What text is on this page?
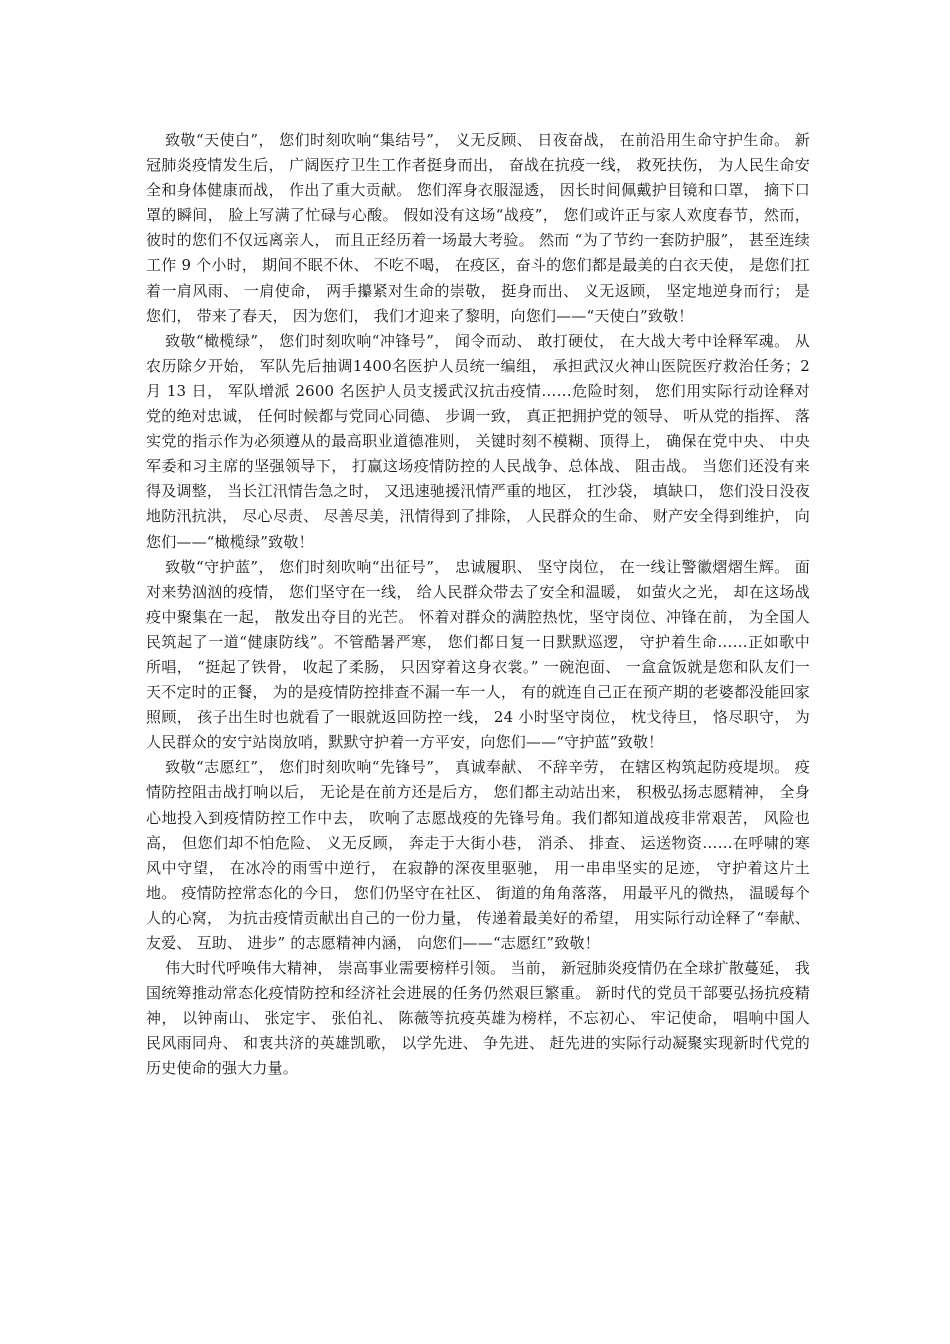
致敬“天使白”， 您们时刻吹响“集结号”， 义无反顾、 日夜奋战， 在前沿用生命守护生命。 新冠肺炎疫情发生后， 广阔医疗卫生工作者挺身而出， 奋战在抗疫一线， 救死扶伤， 为人民生命安全和身体健康而战， 作出了重大贡献。 您们浑身衣服湿透， 因长时间佩戴护目镜和口罩， 摘下口罩的瞬间， 脸上写满了忙碌与心酸。 假如没有这场“战疫”， 您们或许正与家人欢度春节，然而， 彼时的您们不仅远离亲人， 而且正经历着一场最大考验。 然而 “为了节约一套防护服”， 甚至连续工作 9 个小时， 期间不眠不休、 不吃不喝， 在疫区，奋斗的您们都是最美的白衣天使， 是您们扛着一肩风雨、 一肩使命， 两手攥紧对生命的崇敬， 挺身而出、 义无返顾， 坚定地逆身而行； 是您们， 带来了春天， 因为您们， 我们才迎来了黎明，向您们——“天使白”致敬！

致敬“橄榄绿”， 您们时刻吹响“冲锋号”， 闻令而动、 敢打硬仗， 在大战大考中诠释军魂。 从农历除夕开始， 军队先后抽调1400名医护人员统一编组， 承担武汉火神山医院医疗救治任务；2 月 13 日， 军队增派 2600 名医护人员支援武汉抗击疫情……危险时刻， 您们用实际行动诠释对党的绝对忠诚， 任何时候都与党同心同德、 步调一致， 真正把拥护党的领导、 听从党的指挥、 落实党的指示作为必须遵从的最高职业道德准则， 关键时刻不模糊、顶得上， 确保在党中央、 中央军委和习主席的坚强领导下， 打赢这场疫情防控的人民战争、总体战、 阻击战。 当您们还没有来得及调整， 当长江汛情告急之时， 又迅速驰援汛情严重的地区， 扛沙袋， 填缺口， 您们没日没夜地防汛抗洪， 尽心尽责、 尽善尽美，汛情得到了排除， 人民群众的生命、 财产安全得到维护， 向您们——“橄榄绿”致敬！

致敬“守护蓝”， 您们时刻吹响“出征号”， 忠诚履职、 坚守岗位， 在一线让警徽熠熠生辉。 面对来势汹汹的疫情， 您们坚守在一线， 给人民群众带去了安全和温暖， 如萤火之光， 却在这场战疫中聚集在一起， 散发出夺目的光芒。 怀着对群众的满腔热忱，坚守岗位、冲锋在前， 为全国人民筑起了一道“健康防线”。不管酷暑严寒， 您们都日复一日默默巡逻， 守护着生命……正如歌中所唱， “挺起了铁骨， 收起了柔肠， 只因穿着这身衣裳。” 一碗泡面、 一盒盒饭就是您和队友们一天不定时的正餐， 为的是疫情防控排查不漏一车一人， 有的就连自己正在预产期的老婆都没能回家照顾， 孩子出生时也就看了一眼就返回防控一线， 24 小时坚守岗位， 枕戈待旦， 恪尽职守， 为人民群众的安宁站岗放哨，默默守护着一方平安，向您们——“守护蓝”致敬！

致敬“志愿红”， 您们时刻吹响“先锋号”， 真诚奉献、 不辞辛劳， 在辖区构筑起防疫堤坝。 疫情防控阻击战打响以后， 无论是在前方还是后方， 您们都主动站出来， 积极弘扬志愿精神， 全身心地投入到疫情防控工作中去， 吹响了志愿战疫的先锋号角。我们都知道战疫非常艰苦， 风险也高， 但您们却不怕危险、 义无反顾， 奔走于大街小巷， 消杀、 排查、 运送物资……在呼啸的寒风中守望， 在冰冷的雨雪中逆行， 在寂静的深夜里驱驰， 用一串串坚实的足迹， 守护着这片土地。 疫情防控常态化的今日， 您们仍坚守在社区、 街道的角角落落， 用最平凡的微热， 温暖每个人的心窝， 为抗击疫情贡献出自己的一份力量， 传递着最美好的希望， 用实际行动诠释了“奉献、 友爱、 互助、 进步” 的志愿精神内涵， 向您们——“志愿红”致敬！

伟大时代呼唤伟大精神， 崇高事业需要榜样引领。 当前， 新冠肺炎疫情仍在全球扩散蔓延， 我国统筹推动常态化疫情防控和经济社会进展的任务仍然艰巨繁重。 新时代的党员干部要弘扬抗疫精神， 以钟南山、 张定宇、 张伯礼、 陈薇等抗疫英雄为榜样，不忘初心、 牢记使命， 唱响中国人民风雨同舟、 和衷共济的英雄凯歌， 以学先进、 争先进、 赶先进的实际行动凝聚实现新时代党的历史使命的强大力量。
